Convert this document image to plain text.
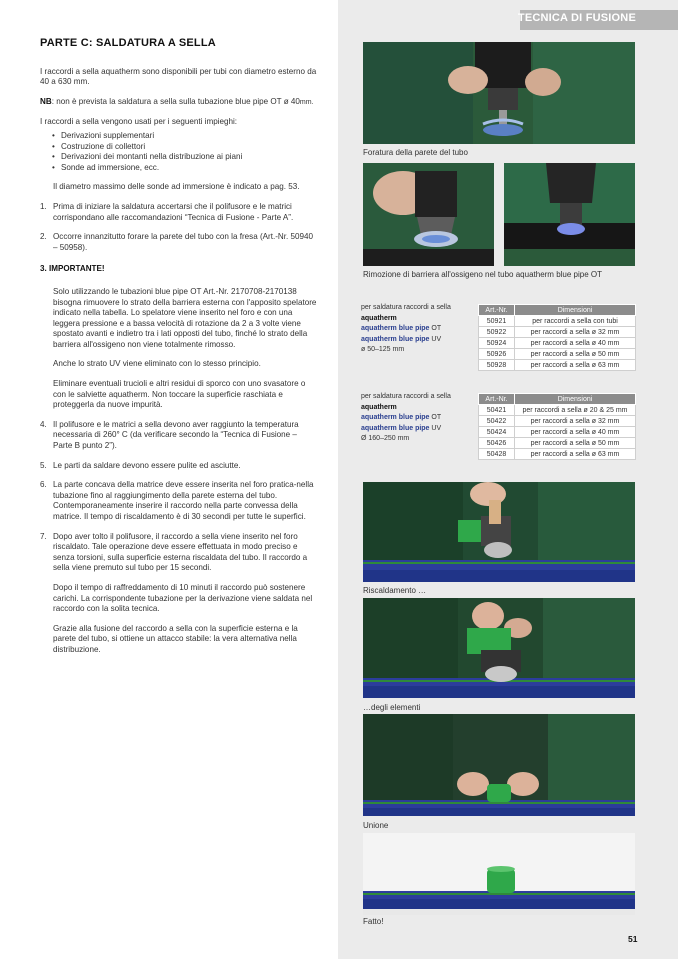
TECNICA DI FUSIONE
PARTE C: SALDATURA A SELLA

I raccordi a sella aquatherm sono disponibili per tubi con diametro esterno da 40 a 630 mm.

NB: non è prevista la saldatura a sella sulla tubazione blue pipe OT ø 40mm.

I raccordi a sella vengono usati per i seguenti impieghi:

• Derivazioni supplementari
• Costruzione di collettori
• Derivazioni dei montanti nella distribuzione ai piani
• Sonde ad immersione, ecc.

Il diametro massimo delle sonde ad immersione è indicato a pag. 53.

1. Prima di iniziare la saldatura accertarsi che il polifusore e le matrici corrispondano alle raccomandazioni “Tecnica di Fusione - Parte A”.

2. Occorre innanzitutto forare la parete del tubo con la fresa (Art.-Nr. 50940 – 50958).

3. IMPORTANTE!

Solo utilizzando le tubazioni blue pipe OT Art.-Nr. 2170708-2170138 bisogna rimuovere lo strato della barriera esterna con l'apposito spelatore indicato nella tabella. Lo spelatore viene inserito nel foro e con una leggera pressione e a bassa velocità di rotazione da 2 a 3 volte viene spostato avanti e indietro tra i lati opposti del tubo, finché lo strato della barriera all'ossigeno non viene totalmente rimosso.

Anche lo strato UV viene eliminato con lo stesso principio.

Eliminare eventuali trucioli e altri residui di sporco con uno svasatore o con le salviette aquatherm. Non toccare la superficie raschiata e proteggerla da nuove impurità.

4. Il polifusore e le matrici a sella devono aver raggiunto la temperatura necessaria di 260° C (da verificare secondo la “Tecnica di Fusione – Parte B punto 2”).

5. Le parti da saldare devono essere pulite ed asciutte.

6. La parte concava della matrice deve essere inserita nel foro pratica-nella tubazione fino al raggiungimento della parete esterna del tubo. Contemporaneamente inserire il raccordo nella parte convessa della matrice. Il tempo di riscaldamento è di 30 secondi per tutte le superfici.

7. Dopo aver tolto il polifusore, il raccordo a sella viene inserito nel foro riscaldato. Tale operazione deve essere effettuata in modo preciso e senza torsioni, sulla superficie esterna riscaldata del tubo. Il raccordo a sella viene premuto sul tubo per 15 secondi.

Dopo il tempo di raffreddamento di 10 minuti il raccordo può sostenere carichi. La corrispondente tubazione per la derivazione viene saldata nel raccordo con la solita tecnica.

Grazie alla fusione del raccordo a sella con la superficie esterna e la parete del tubo, si ottiene un attacco stabile: la vera alternativa nella distribuzione.

Foratura della parete del tubo
Rimozione di barriera all'ossigeno nel tubo aquatherm blue pipe OT
per saldatura raccordi a sella
aquatherm
aquatherm blue pipe OT
aquatherm blue pipe UV
ø 50–125 mm
Art.-Nr.	Dimensioni
50921	per raccordi a sella con tubi
50922	per raccordi a sella ø 32 mm
50924	per raccordi a sella ø 40 mm
50926	per raccordi a sella ø 50 mm
50928	per raccordi a sella ø 63 mm
per saldatura raccordi a sella
aquatherm
aquatherm blue pipe OT
aquatherm blue pipe UV
Ø 160–250 mm
Art.-Nr.	Dimensioni
50421	per raccordi a sella ø 20 & 25 mm
50422	per raccordi a sella ø 32 mm
50424	per raccordi a sella ø 40 mm
50426	per raccordi a sella ø 50 mm
50428	per raccordi a sella ø 63 mm
Riscaldamento …
…degli elementi
Unione
Fatto!
51
